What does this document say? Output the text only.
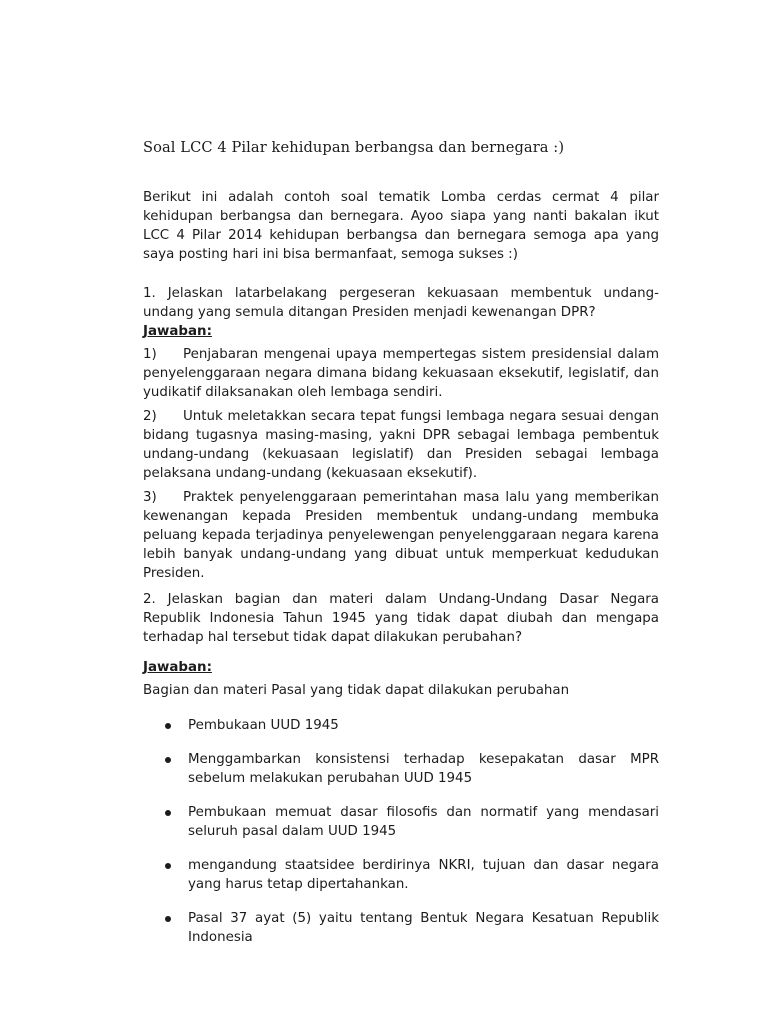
Soal LCC 4 Pilar kehidupan berbangsa dan bernegara :)

Berikut ini adalah contoh soal tematik Lomba cerdas cermat 4 pilar kehidupan berbangsa dan bernegara. Ayoo siapa yang nanti bakalan ikut LCC 4 Pilar 2014 kehidupan berbangsa dan bernegara semoga apa yang saya posting hari ini bisa bermanfaat, semoga sukses :)

1. Jelaskan latarbelakang pergeseran kekuasaan membentuk undang-undang yang semula ditangan Presiden menjadi kewenangan DPR?

Jawaban:

1) Penjabaran mengenai upaya mempertegas sistem presidensial dalam penyelenggaraan negara dimana bidang kekuasaan eksekutif, legislatif, dan yudikatif dilaksanakan oleh lembaga sendiri.

2) Untuk meletakkan secara tepat fungsi lembaga negara sesuai dengan bidang tugasnya masing-masing, yakni DPR sebagai lembaga pembentuk undang-undang (kekuasaan legislatif) dan Presiden sebagai lembaga pelaksana undang-undang (kekuasaan eksekutif).

3) Praktek penyelenggaraan pemerintahan masa lalu yang memberikan kewenangan kepada Presiden membentuk undang-undang membuka peluang kepada terjadinya penyelewengan penyelenggaraan negara karena lebih banyak undang-undang yang dibuat untuk memperkuat kedudukan Presiden.

2. Jelaskan bagian dan materi dalam Undang-Undang Dasar Negara Republik Indonesia Tahun 1945 yang tidak dapat diubah dan mengapa terhadap hal tersebut tidak dapat dilakukan perubahan?

Jawaban:

Bagian dan materi Pasal yang tidak dapat dilakukan perubahan

Pembukaan UUD 1945
Menggambarkan konsistensi terhadap kesepakatan dasar MPR sebelum melakukan perubahan UUD 1945
Pembukaan memuat dasar filosofis dan normatif yang mendasari seluruh pasal dalam UUD 1945
mengandung staatsidee berdirinya NKRI, tujuan dan dasar negara yang harus tetap dipertahankan.
Pasal 37 ayat (5) yaitu tentang Bentuk Negara Kesatuan Republik Indonesia
